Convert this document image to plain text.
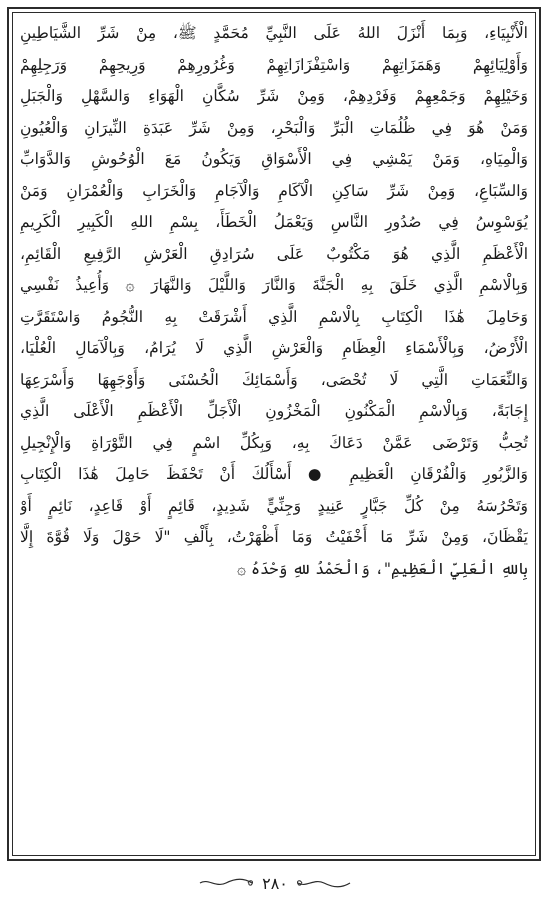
الْأَنْبِيَاءِ، وَبِمَا أَنْزَلَ اللهُ عَلَى النَّبِيِّ مُحَمَّدٍ ﷺ، مِنْ شَرِّ الشَّيَاطِينِ
وَأَوْلِيَائِهِمْ وَهَمَزَاتِهِمْ وَاسْتِفْزَازَاتِهِمْ وَغُرُورِهِمْ وَرِيحِهِمْ وَرَجِلِهِمْ
وَخَيْلِهِمْ وَجَمْعِهِمْ وَفَرْدِهِمْ، وَمِنْ شَرِّ سُكَّانِ الْهَوَاءِ وَالسَّهْلِ وَالْجَبَلِ
وَمَنْ هُوَ فِي ظُلُمَاتِ الْبَرِّ وَالْبَحْرِ، وَمِنْ شَرِّ عَبَدَةِ النِّيرَانِ وَالْعُيُونِ
وَالْمِيَاهِ، وَمَنْ يَمْشِي فِي الْأَسْوَاقِ وَيَكُونُ مَعَ الْوُحُوشِ وَالدَّوَابِّ
وَالسِّبَاعِ، وَمِنْ شَرِّ سَاكِنِ الْآكَامِ وَالْآجَامِ وَالْخَرَابِ وَالْعُمْرَانِ وَمَنْ
يُوَسْوِسُ فِي صُدُورِ النَّاسِ وَيَعْمَلُ الْخَطَأَ، بِسْمِ اللهِ الْكَبِيرِ الْكَرِيمِ
الْأَعْظَمِ الَّذِي هُوَ مَكْتُوبٌ عَلَى سُرَادِقِ الْعَرْشِ الرَّفِيعِ الْقَائِمِ،
وَبِالْاسْمِ الَّذِي خَلَقَ بِهِ الْجَنَّةَ وَالنَّارَ وَاللَّيْلَ وَالنَّهَارَ ۞ وَأُعِيذُ نَفْسِي
وَحَامِلَ هَٰذَا الْكِتَابِ بِالْاسْمِ الَّذِي أَشْرَقَتْ بِهِ النُّجُومُ وَاسْتَقَرَّتِ
الْأَرْضُ، وَبِالْأَسْمَاءِ الْعِظَامِ وَالْعَرْشِ الَّذِي لَا يُرَامُ، وَبِالْآمَالِ الْعُلْيَا،
وَالنِّعَمَاتِ الَّتِي لَا تُحْصَى، وَأَسْمَائِكَ الْحُسْنَى وَأَوْجَهِهَا وَأَسْرَعِهَا
إِجَابَةً، وَبِالْاسْمِ الْمَكْنُونِ الْمَخْزُونِ الْأَجَلِّ الْأَعْظَمِ الْأَعْلَى الَّذِي
تُحِبُّ وَتَرْضَى عَمَّنْ دَعَاكَ بِهِ، وَبِكُلِّ اسْمٍ فِي التَّوْرَاةِ وَالْإِنْجِيلِ
وَالزَّبُورِ وَالْفُرْقَانِ الْعَظِيمِ ● أَسْأَلُكَ أَنْ تَحْفَظَ حَامِلَ هَٰذَا الْكِتَابِ
وَتَحْرُسَهُ مِنْ كُلِّ جَبَّارٍ عَنِيدٍ وَجِنِّيٍّ شَدِيدٍ، قَائِمٍ أَوْ قَاعِدٍ، نَائِمٍ أَوْ
يَقْظَانَ، وَمِنْ شَرِّ مَا أَخْفَيْتُ وَمَا أَظْهَرْتُ، بِأَلْفِ "لَا حَوْلَ وَلَا قُوَّةَ إِلَّا
بِاللهِ الْعَلِيِّ الْعَظِيمِ"، وَالْحَمْدُ للهِ وَحْدَهُ ۞
٢٨٠
